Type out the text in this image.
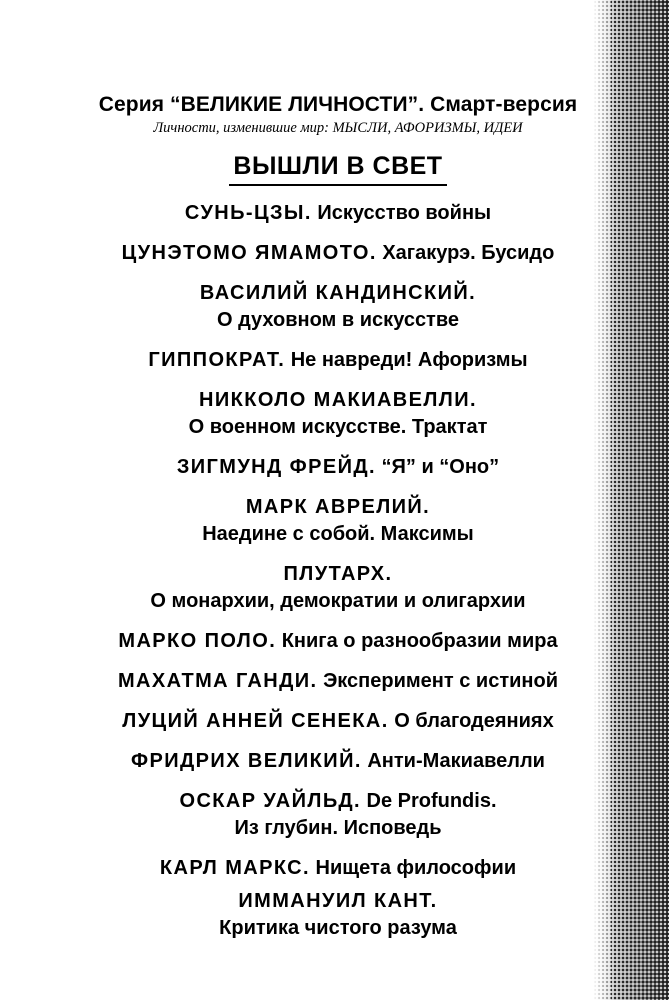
Серия “ВЕЛИКИЕ ЛИЧНОСТИ”. Смарт-версия
Личности, изменившие мир: МЫСЛИ, АФОРИЗМЫ, ИДЕИ
ВЫШЛИ В СВЕТ
СУНЬ-ЦЗЫ. Искусство войны
ЦУНЭТОМО ЯМАМОТО. Хагакурэ. Бусидо
ВАСИЛИЙ КАНДИНСКИЙ.
О духовном в искусстве
ГИППОКРАТ. Не навреди! Афоризмы
НИККОЛО МАКИАВЕЛЛИ.
О военном искусстве. Трактат
ЗИГМУНД ФРЕЙД. “Я” и “Оно”
МАРК АВРЕЛИЙ.
Наедине с собой. Максимы
ПЛУТАРХ.
О монархии, демократии и олигархии
МАРКО ПОЛО. Книга о разнообразии мира
МАХАТМА ГАНДИ. Эксперимент с истиной
ЛУЦИЙ АННЕЙ СЕНЕКА. О благодеяниях
ФРИДРИХ ВЕЛИКИЙ. Анти-Макиавелли
ОСКАР УАЙЛЬД. De Profundis.
Из глубин. Исповедь
КАРЛ МАРКС. Нищета философии
ИММАНУИЛ КАНТ.
Критика чистого разума
